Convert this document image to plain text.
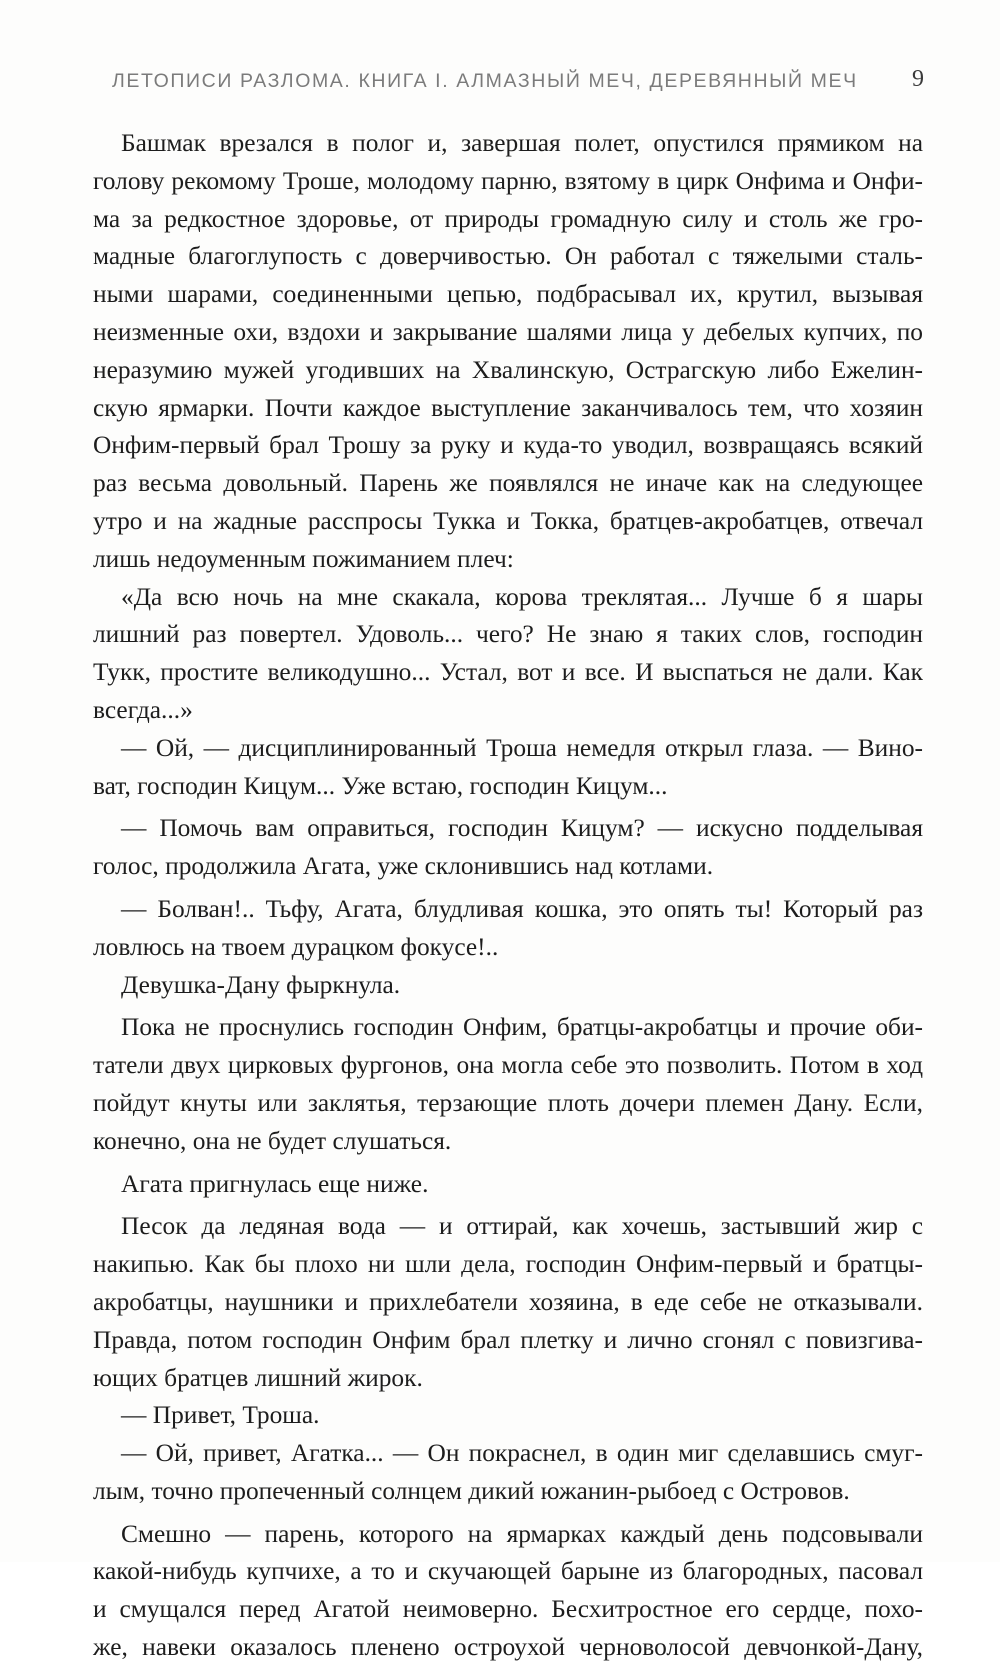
ЛЕТОПИСИ РАЗЛОМА. КНИГА I. АЛМАЗНЫЙ МЕЧ, ДЕРЕВЯННЫЙ МЕЧ	9
Башмак врезался в полог и, завершая полет, опустился прямиком на
голову рекомому Троше, молодому парню, взятому в цирк Онфима и Онфи-
ма за редкостное здоровье, от природы громадную силу и столь же гро-
мадные благоглупость с доверчивостью. Он работал с тяжелыми сталь-
ными шарами, соединенными цепью, подбрасывал их, крутил, вызывая
неизменные охи, вздохи и закрывание шалями лица у дебелых купчих, по
неразумию мужей угодивших на Хвалинскую, Острагскую либо Ежелин-
скую ярмарки. Почти каждое выступление заканчивалось тем, что хозяин
Онфим-первый брал Трошу за руку и куда-то уводил, возвращаясь всякий
раз весьма довольный. Парень же появлялся не иначе как на следующее
утро и на жадные расспросы Тукка и Токка, братцев-акробатцев, отвечал
лишь недоуменным пожиманием плеч:
«Да всю ночь на мне скакала, корова треклятая... Лучше б я шары
лишний раз повертел. Удоволь... чего? Не знаю я таких слов, господин
Тукк, простите великодушно... Устал, вот и все. И выспаться не дали. Как
всегда...»
— Ой, — дисциплинированный Троша немедля открыл глаза. — Вино-
ват, господин Кицум... Уже встаю, господин Кицум...
— Помочь вам оправиться, господин Кицум? — искусно подделывая
голос, продолжила Агата, уже склонившись над котлами.
— Болван!.. Тьфу, Агата, блудливая кошка, это опять ты! Который раз
ловлюсь на твоем дурацком фокусе!..
Девушка-Дану фыркнула.
Пока не проснулись господин Онфим, братцы-акробатцы и прочие оби-
татели двух цирковых фургонов, она могла себе это позволить. Потом в ход
пойдут кнуты или заклятья, терзающие плоть дочери племен Дану. Если,
конечно, она не будет слушаться.
Агата пригнулась еще ниже.
Песок да ледяная вода — и оттирай, как хочешь, застывший жир с
накипью. Как бы плохо ни шли дела, господин Онфим-первый и братцы-
акробатцы, наушники и прихлебатели хозяина, в еде себе не отказывали.
Правда, потом господин Онфим брал плетку и лично сгонял с повизгива-
ющих братцев лишний жирок.
— Привет, Троша.
— Ой, привет, Агатка... — Он покраснел, в один миг сделавшись смуг-
лым, точно пропеченный солнцем дикий южанин-рыбоед с Островов.
Смешно — парень, которого на ярмарках каждый день подсовывали
какой-нибудь купчихе, а то и скучающей барыне из благородных, пасовал
и смущался перед Агатой неимоверно. Бесхитростное его сердце, похо-
же, навеки оказалось пленено остроухой черноволосой девчонкой-Дану,
